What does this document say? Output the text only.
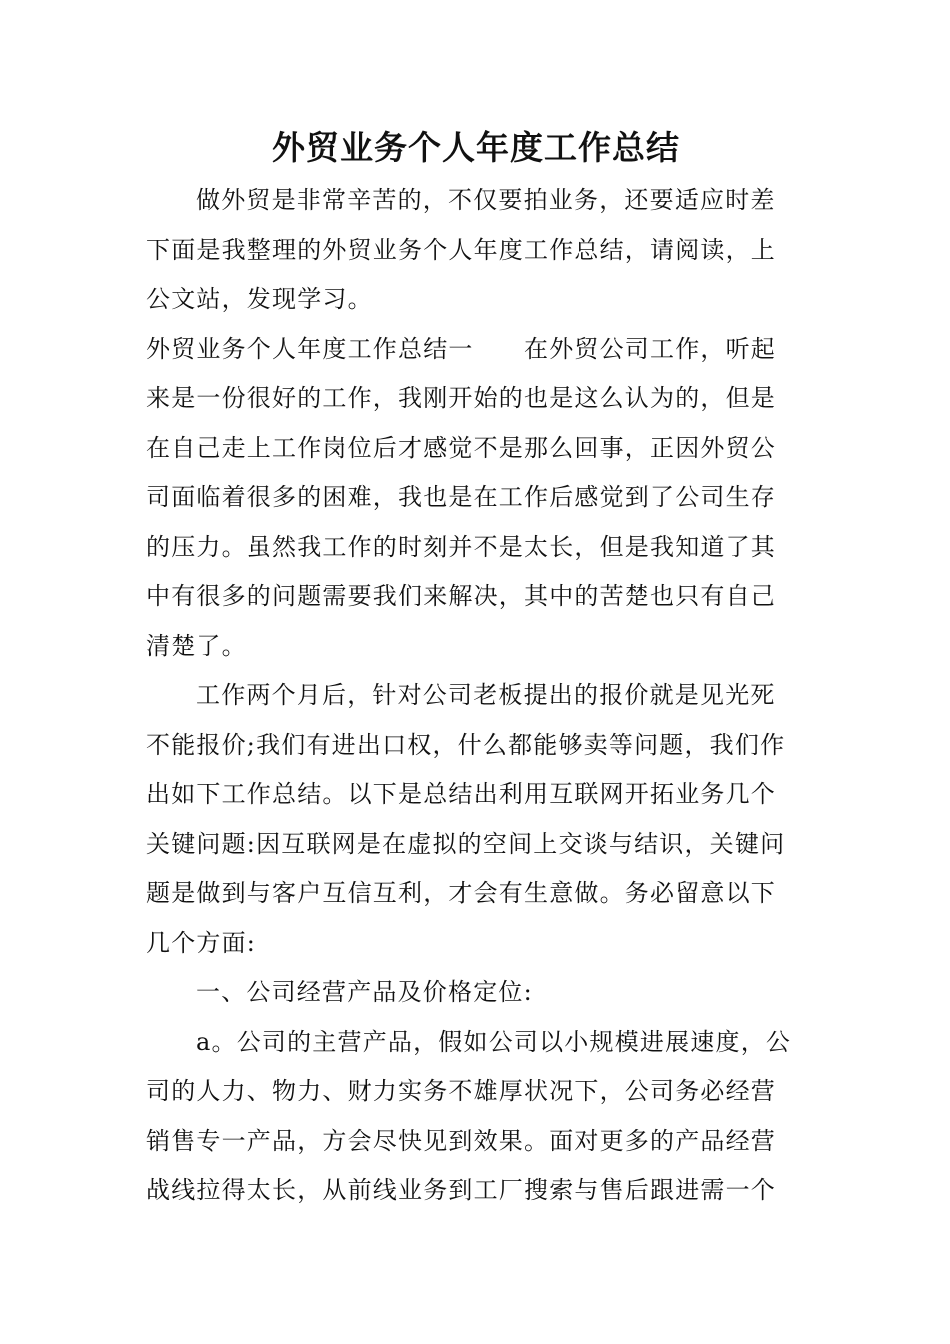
外贸业务个人年度工作总结
做外贸是非常辛苦的，不仅要拍业务，还要适应时差
下面是我整理的外贸业务个人年度工作总结，请阅读，上
公文站，发现学习。
外贸业务个人年度工作总结一　　在外贸公司工作，听起
来是一份很好的工作，我刚开始的也是这么认为的，但是
在自己走上工作岗位后才感觉不是那么回事，正因外贸公
司面临着很多的困难，我也是在工作后感觉到了公司生存
的压力。虽然我工作的时刻并不是太长，但是我知道了其
中有很多的问题需要我们来解决，其中的苦楚也只有自己
清楚了。
工作两个月后，针对公司老板提出的报价就是见光死
不能报价;我们有进出口权，什么都能够卖等问题，我们作
出如下工作总结。以下是总结出利用互联网开拓业务几个
关键问题:因互联网是在虚拟的空间上交谈与结识，关键问
题是做到与客户互信互利，才会有生意做。务必留意以下
几个方面:
一、公司经营产品及价格定位:
a。公司的主营产品，假如公司以小规模进展速度，公
司的人力、物力、财力实务不雄厚状况下，公司务必经营
销售专一产品，方会尽快见到效果。面对更多的产品经营
战线拉得太长，从前线业务到工厂搜索与售后跟进需一个
